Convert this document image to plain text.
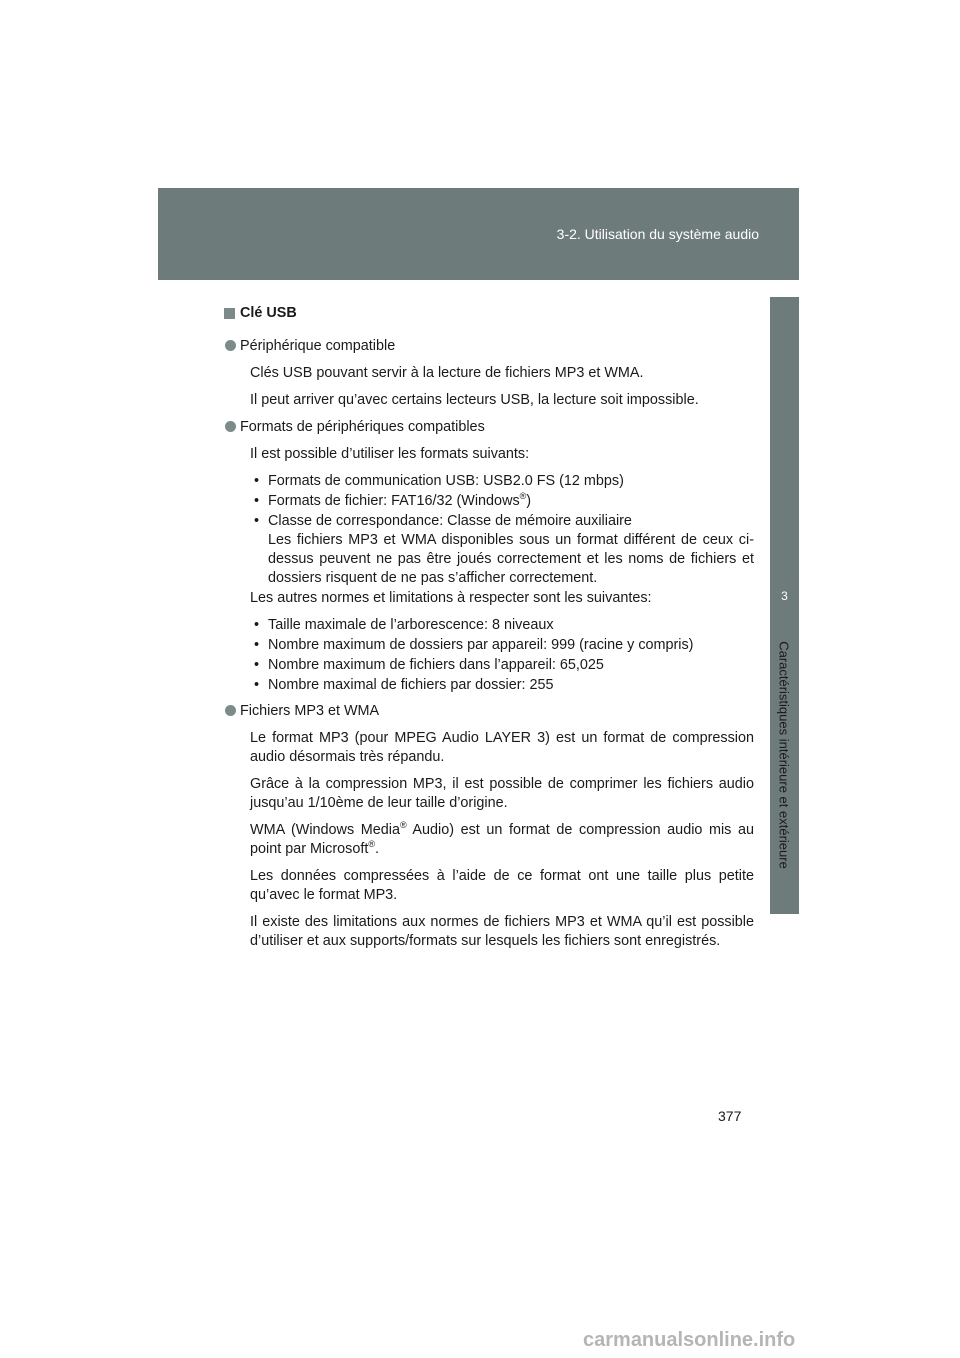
3-2. Utilisation du système audio
3
Caractéristiques intérieure et extérieure
Clé USB
Périphérique compatible
Clés USB pouvant servir à la lecture de fichiers MP3 et WMA.
Il peut arriver qu’avec certains lecteurs USB, la lecture soit impossible.
Formats de périphériques compatibles
Il est possible d’utiliser les formats suivants:
• Formats de communication USB: USB2.0 FS (12 mbps)
• Formats de fichier: FAT16/32 (Windows®)
• Classe de correspondance: Classe de mémoire auxiliaire
Les fichiers MP3 et WMA disponibles sous un format différent de ceux ci-dessus peuvent ne pas être joués correctement et les noms de fichiers et dossiers risquent de ne pas s’afficher correctement.
Les autres normes et limitations à respecter sont les suivantes:
• Taille maximale de l’arborescence: 8 niveaux
• Nombre maximum de dossiers par appareil: 999 (racine y compris)
• Nombre maximum de fichiers dans l’appareil: 65,025
• Nombre maximal de fichiers par dossier: 255
Fichiers MP3 et WMA
Le format MP3 (pour MPEG Audio LAYER 3) est un format de compression audio désormais très répandu.
Grâce à la compression MP3, il est possible de comprimer les fichiers audio jusqu’au 1/10ème de leur taille d’origine.
WMA (Windows Media® Audio) est un format de compression audio mis au point par Microsoft®.
Les données compressées à l’aide de ce format ont une taille plus petite qu’avec le format MP3.
Il existe des limitations aux normes de fichiers MP3 et WMA qu’il est possible d’utiliser et aux supports/formats sur lesquels les fichiers sont enregistrés.
377
carmanualsonline.info
